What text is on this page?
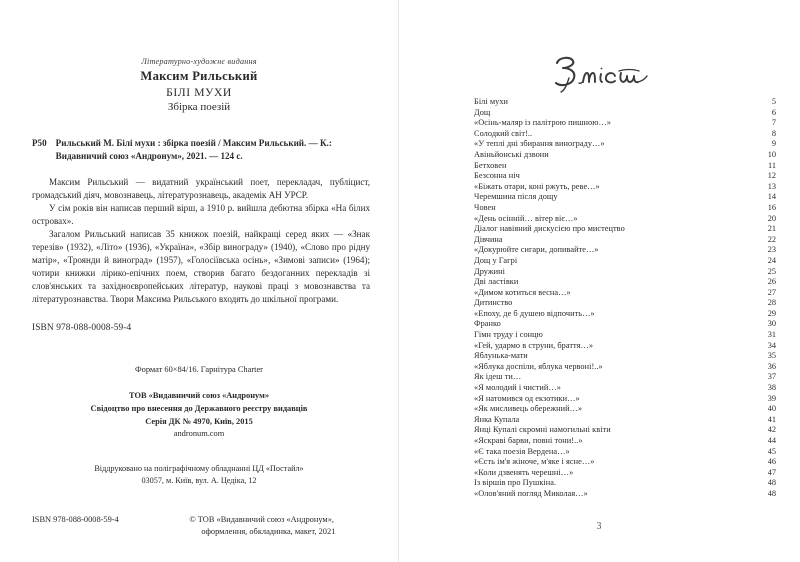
Літературно-художнє видання
Максим Рильський
БІЛІ МУХИ
Збірка поезій
Р50 Рильський М. Білі мухи : збірка поезій / Максим Рильський. — К.: Видавничий союз «Андронум», 2021. — 124 с.

Максим Рильський — видатний український поет, перекладач, публіцист, громадський діяч, мовознавець, літературознавець, академік АН УРСР.

У сім років він написав перший вірш, а 1910 р. вийшла дебютна збірка «На білих островах».

Загалом Рильський написав 35 книжок поезій, найкращі серед яких — «Знак терезів» (1932), «Літо» (1936), «Україна», «Збір винограду» (1940), «Слово про рідну матір», «Троянди й виноград» (1957), «Голосіївська осінь», «Зимові записи» (1964); чотири книжки лірико-епічних поем, створив багато бездоганних перекладів зі слов'янських та західноєвропейських літератур, наукові праці з мовознавства та літературознавства. Твори Максима Рильського входять до шкільної програми.

ISBN 978-088-0008-59-4
Формат 60×84/16. Гарнітура Charter
ТОВ «Видавничий союз «Андронум»
Свідоцтво про внесення до Державного реєстру видавців
Серія ДК № 4970, Київ, 2015
andronum.com
Віддруковано на поліграфічному обладнанні ЦД «Постайл»
03057, м. Київ, вул. А. Цедіка, 12
ISBN 978-088-0008-59-4	© ТОВ «Видавничий союз «Андронум»,
оформлення, обкладинка, макет, 2021
Білі мухи . . .	5
Дощ . . .	6
«Осінь-маляр із палітрою пишною…» . . .	7
Солодкий світ!.. . . .	8
«У теплі дні збирання винограду…» . . .	9
Авіньйонські дзвони . . .	10
Бетховен . . .	11
Безсонна ніч . . .	12
«Біжать отари, коні ржуть, реве…» . . .	13
Черемшина після дощу . . .	14
Човен . . .	16
«День осінній… вітер віє…» . . .	20
Діалог навіяний дискусією про мистецтво . . .	21
Дівчина . . .	22
«Докурюйте сигари, допивайте…» . . .	23
Дощ у Гагрі . . .	24
Дружині . . .	25
Дві ластівки . . .	26
«Димом котиться весна…» . . .	27
Дитинство . . .	28
«Епоху, де б душею відпочить…» . . .	29
Франко . . .	30
Гімн труду і сонцю . . .	31
«Гей, удармо в струни, браття…» . . .	34
Яблунька-мати . . .	35
«Яблука доспіли, яблука червоні!..» . . .	36
Як ідеш ти… . . .	37
«Я молодий і чистий…» . . .	38
«Я натомився од екзотики…» . . .	39
«Як мисливець обережний…» . . .	40
Янка Купала . . .	41
Янці Купалі скромні намогильні квіти . . .	42
«Яскраві барви, повні тони!..» . . .	44
«Є така поезія Вердена…» . . .	45
«Єсть ім'я жіноче, м'яке і ясне…» . . .	46
«Коли дзвенять черешні…» . . .	47
Із віршів про Пушкіна. . . .	48
«Олов'яний погляд Миколая…» . . .	48
3
